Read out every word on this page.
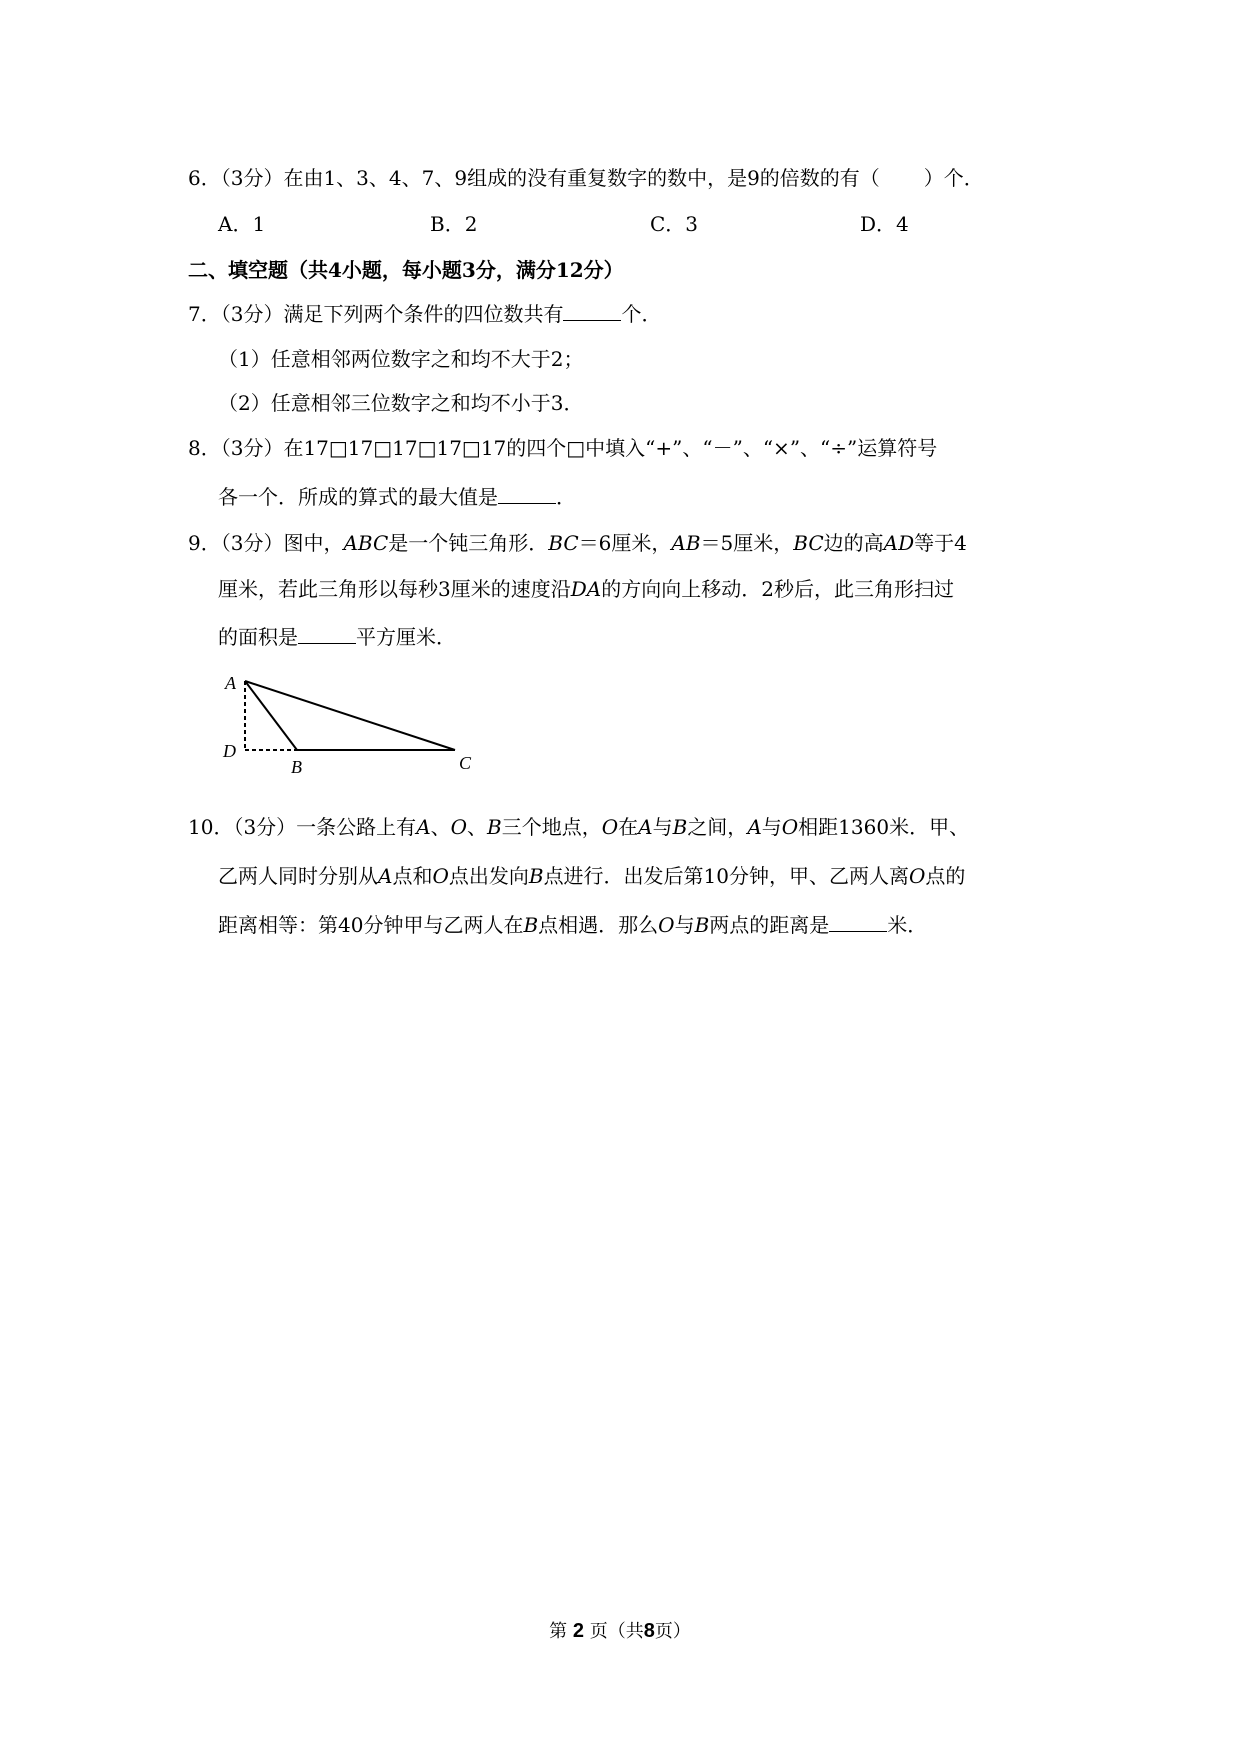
6．（3分）在由1、3、4、7、9组成的没有重复数字的数中，是9的倍数的有（ ）个．
A．1	B．2	C．3	D．4
二、填空题（共4小题，每小题3分，满分12分）
7．（3分）满足下列两个条件的四位数共有	个．
（1）任意相邻两位数字之和均不大于2；
（2）任意相邻三位数字之和均不小于3．
8．（3分）在17□17□17□17□17的四个□中填入“+”、“－”、“×”、“÷”运算符号
各一个．所成的算式的最大值是	．
9．（3分）图中，ABC是一个钝三角形．BC＝6厘米，AB＝5厘米，BC边的高AD等于4
厘米，若此三角形以每秒3厘米的速度沿DA的方向向上移动．2秒后，此三角形扫过
的面积是	平方厘米．
A
D
B	C
10．（3分）一条公路上有A、O、B三个地点，O在A与B之间，A与O相距1360米．甲、
乙两人同时分别从A点和O点出发向B点进行．出发后第10分钟，甲、乙两人离O点的
距离相等：第40分钟甲与乙两人在B点相遇．那么O与B两点的距离是	米．
第 2 页（共8页）
